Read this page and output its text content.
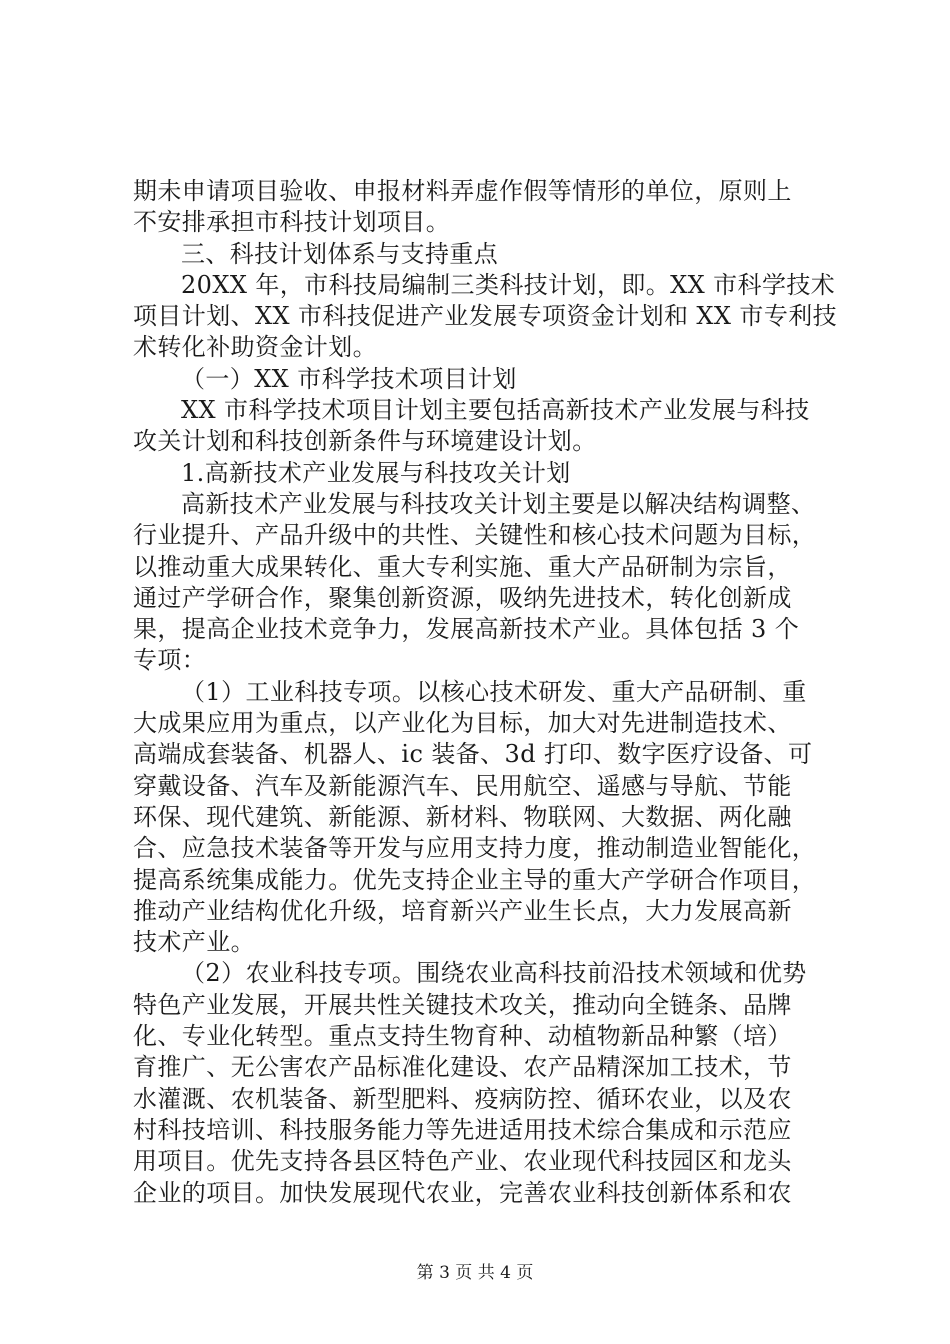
期未申请项目验收、申报材料弄虚作假等情形的单位，原则上
不安排承担市科技计划项目。
三、科技计划体系与支持重点
20XX 年，市科技局编制三类科技计划，即。XX 市科学技术
项目计划、XX 市科技促进产业发展专项资金计划和 XX 市专利技
术转化补助资金计划。
（一）XX 市科学技术项目计划
XX 市科学技术项目计划主要包括高新技术产业发展与科技
攻关计划和科技创新条件与环境建设计划。
1.高新技术产业发展与科技攻关计划
高新技术产业发展与科技攻关计划主要是以解决结构调整、
行业提升、产品升级中的共性、关键性和核心技术问题为目标，
以推动重大成果转化、重大专利实施、重大产品研制为宗旨，
通过产学研合作，聚集创新资源，吸纳先进技术，转化创新成
果，提高企业技术竞争力，发展高新技术产业。具体包括 3 个
专项：
（1）工业科技专项。以核心技术研发、重大产品研制、重
大成果应用为重点，以产业化为目标，加大对先进制造技术、
高端成套装备、机器人、ic 装备、3d 打印、数字医疗设备、可
穿戴设备、汽车及新能源汽车、民用航空、遥感与导航、节能
环保、现代建筑、新能源、新材料、物联网、大数据、两化融
合、应急技术装备等开发与应用支持力度，推动制造业智能化，
提高系统集成能力。优先支持企业主导的重大产学研合作项目，
推动产业结构优化升级，培育新兴产业生长点，大力发展高新
技术产业。
（2）农业科技专项。围绕农业高科技前沿技术领域和优势
特色产业发展，开展共性关键技术攻关，推动向全链条、品牌
化、专业化转型。重点支持生物育种、动植物新品种繁（培）
育推广、无公害农产品标准化建设、农产品精深加工技术，节
水灌溉、农机装备、新型肥料、疫病防控、循环农业，以及农
村科技培训、科技服务能力等先进适用技术综合集成和示范应
用项目。优先支持各县区特色产业、农业现代科技园区和龙头
企业的项目。加快发展现代农业，完善农业科技创新体系和农
第 3 页 共 4 页
